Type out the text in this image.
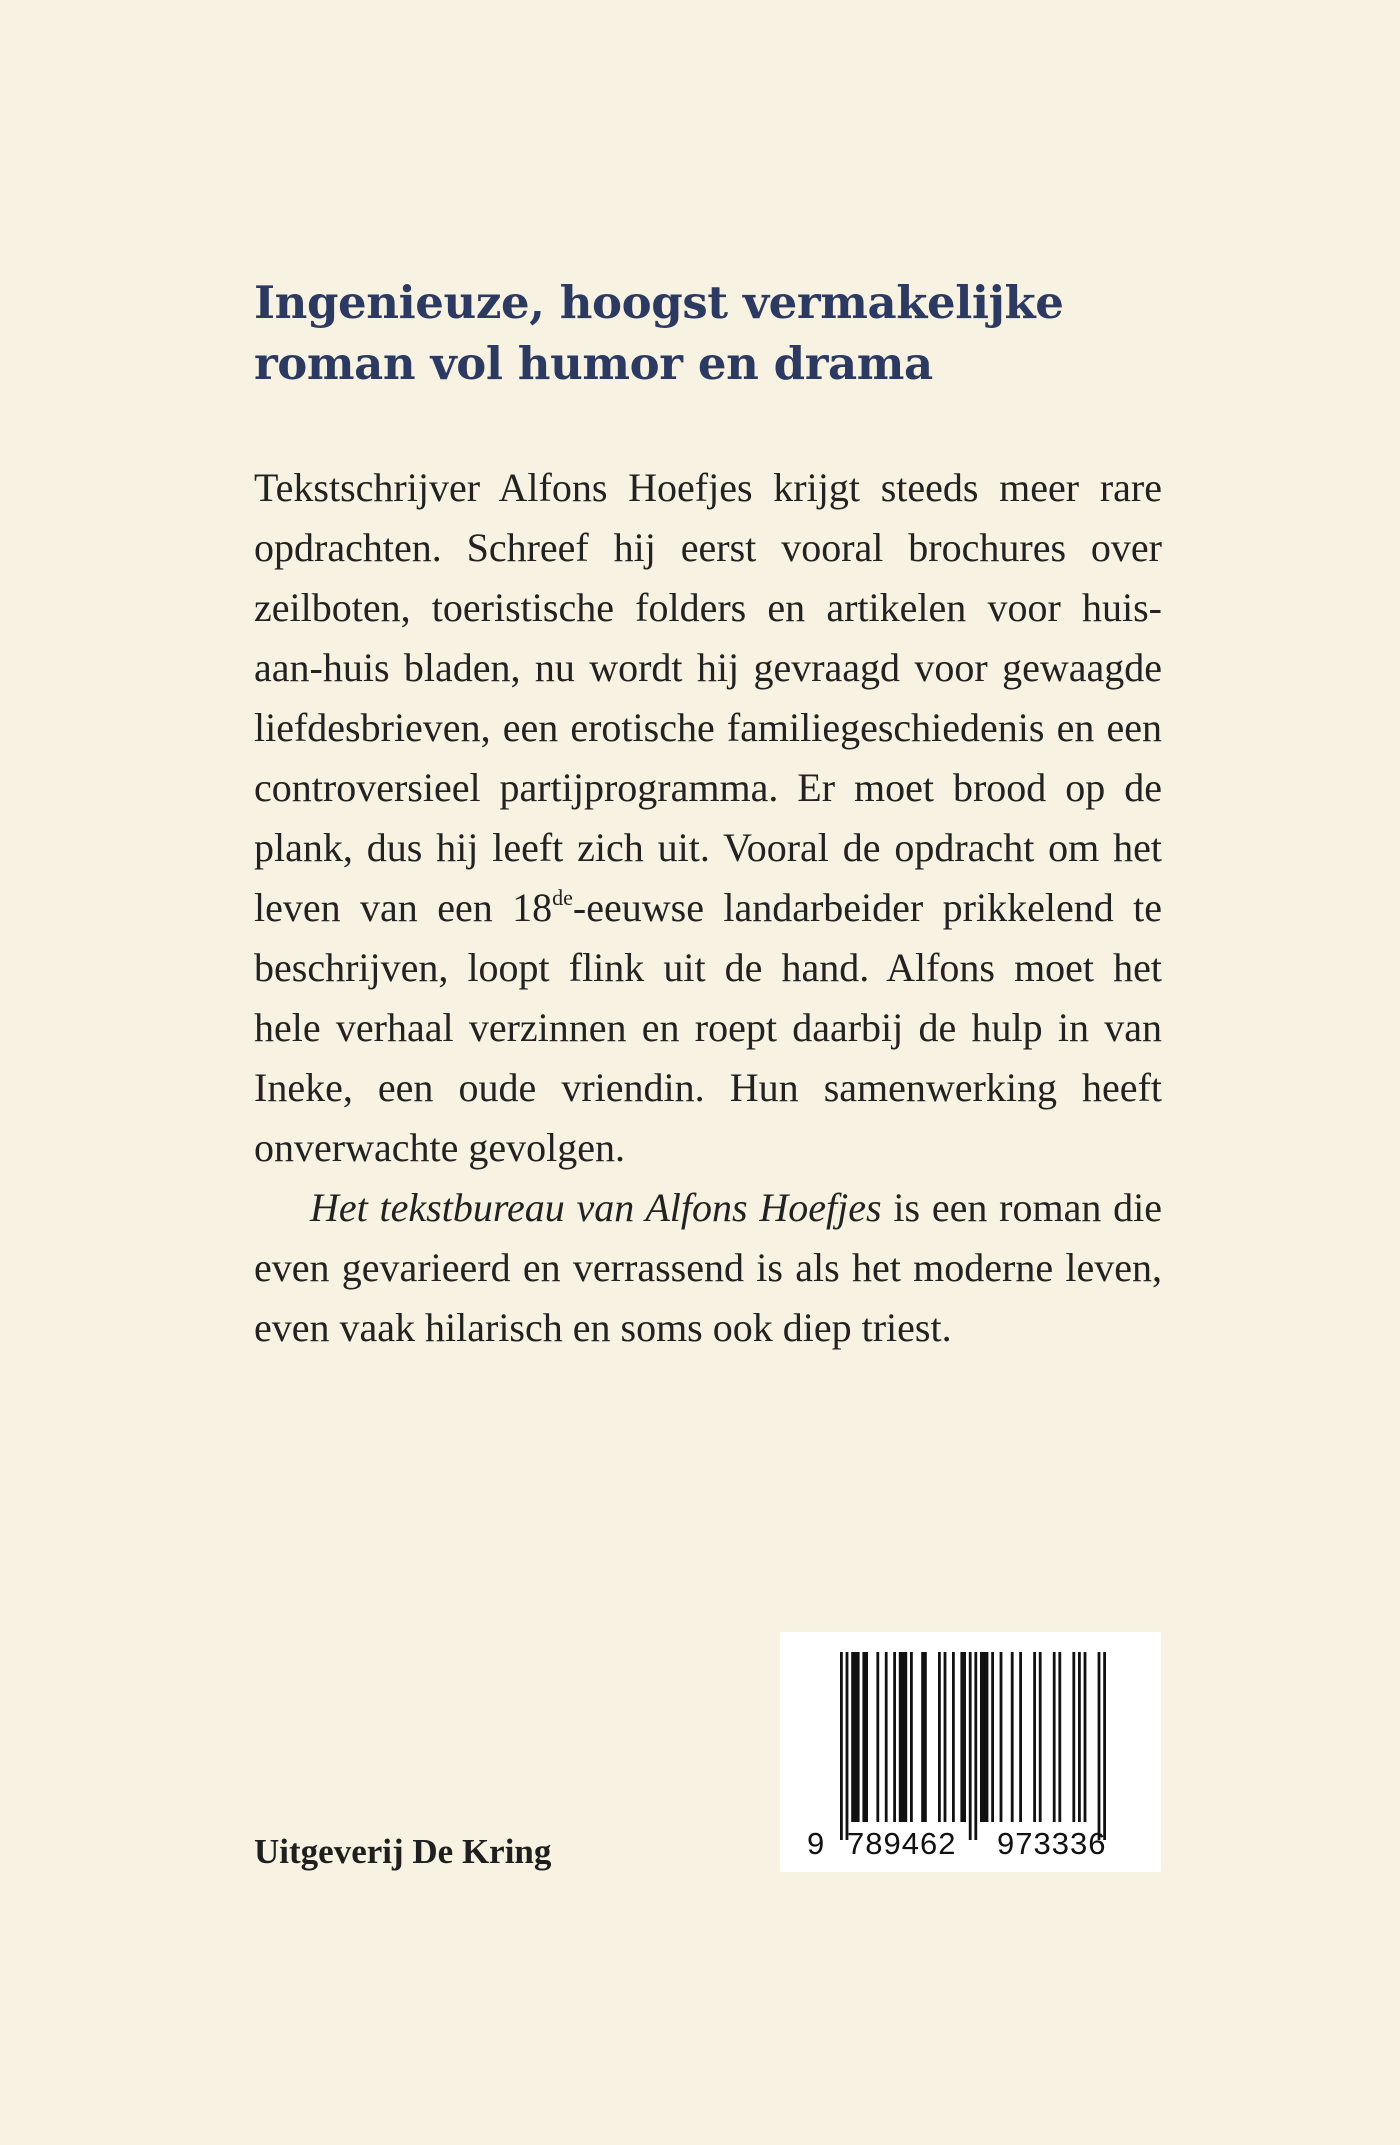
Ingenieuze, hoogst vermakelijke
roman vol humor en drama

Tekstschrijver Alfons Hoefjes krijgt steeds meer rare opdrachten. Schreef hij eerst vooral brochures over zeilboten, toeristische folders en artikelen voor huis-aan-huis bladen, nu wordt hij gevraagd voor gewaagde liefdesbrieven, een erotische familiegeschiedenis en een controversieel partijprogramma. Er moet brood op de plank, dus hij leeft zich uit. Vooral de opdracht om het leven van een 18de-eeuwse landarbeider prikkelend te beschrijven, loopt flink uit de hand. Alfons moet het hele verhaal verzinnen en roept daarbij de hulp in van Ineke, een oude vriendin. Hun samenwerking heeft onverwachte gevolgen.

Het tekstbureau van Alfons Hoefjes is een roman die even gevarieerd en verrassend is als het moderne leven, even vaak hilarisch en soms ook diep triest.

Uitgeverij De Kring	9 789462 973336
